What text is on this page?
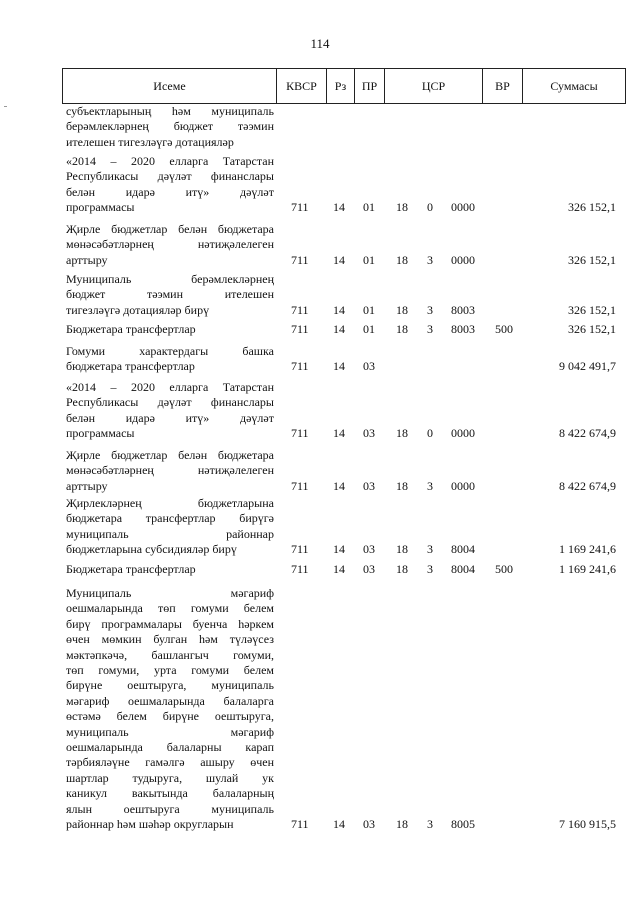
114
Исеме	КВСР	Рз	ПР	ЦСР	ВР	Суммасы
субъектларының һәм муниципаль
берәмлекләрнең бюджет тәэмин
ителешен тигезләүгә дотацияләр
«2014 – 2020 елларга Татарстан
Республикасы дәүләт финанслары
белән идарә итү» дәүләт
программасы	711 14 01 18 0 0000	326 152,1
Җирле бюджетлар белән бюджетара
мөнәсәбәтләрнең нәтиҗәлелеген
арттыру	711 14 01 18 3 0000	326 152,1
Муниципаль берәмлекләрнең
бюджет тәэмин ителешен
тигезләүгә дотацияләр бирү	711 14 01 18 3 8003	326 152,1
Бюджетара трансфертлар	711 14 01 18 3 8003 500	326 152,1
Гомуми характердагы башка
бюджетара трансфертлар	711 14 03	9 042 491,7
«2014 – 2020 елларга Татарстан
Республикасы дәүләт финанслары
белән идарә итү» дәүләт
программасы	711 14 03 18 0 0000	8 422 674,9
Җирле бюджетлар белән бюджетара
мөнәсәбәтләрнең нәтиҗәлелеген
арттыру	711 14 03 18 3 0000	8 422 674,9
Җирлекләрнең бюджетларына
бюджетара трансфертлар бирүгә
муниципаль районнар
бюджетларына субсидияләр бирү	711 14 03 18 3 8004	1 169 241,6
Бюджетара трансфертлар	711 14 03 18 3 8004 500	1 169 241,6
Муниципаль мәгариф
оешмаларында төп гомуми белем
бирү программалары буенча һәркем
өчен мөмкин булган һәм түләүсез
мәктәпкәчә, башлангыч гомуми,
төп гомуми, урта гомуми белем
бирүне оештыруга, муниципаль
мәгариф оешмаларында балаларга
өстәмә белем бирүне оештыруга,
муниципаль мәгариф
оешмаларында балаларны карап
тәрбияләүне гамәлгә ашыру өчен
шартлар тудыруга, шулай ук
каникул вакытында балаларның
ялын оештыруга муниципаль
районнар һәм шәһәр округларын	711 14 03 18 3 8005	7 160 915,5
